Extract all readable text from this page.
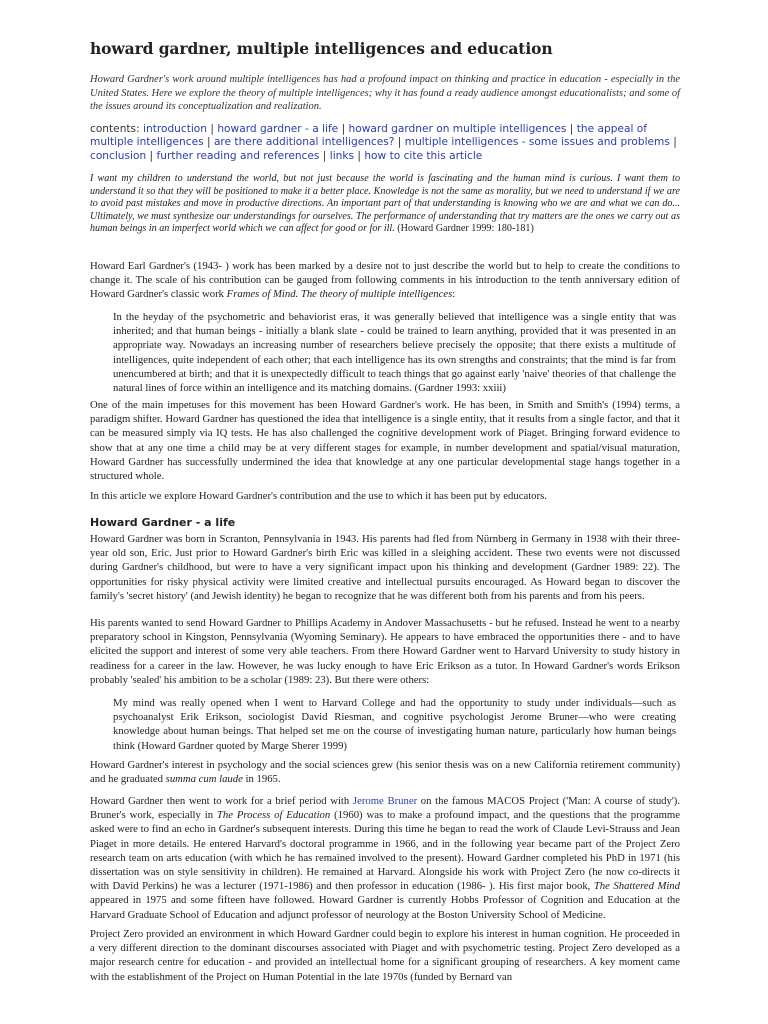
howard gardner, multiple intelligences and education
Howard Gardner's work around multiple intelligences has had a profound impact on thinking and practice in education - especially in the United States. Here we explore the theory of multiple intelligences; why it has found a ready audience amongst educationalists; and some of the issues around its conceptualization and realization.
contents: introduction | howard gardner - a life | howard gardner on multiple intelligences | the appeal of multiple intelligences | are there additional intelligences? | multiple intelligences - some issues and problems | conclusion | further reading and references | links | how to cite this article
I want my children to understand the world, but not just because the world is fascinating and the human mind is curious. I want them to understand it so that they will be positioned to make it a better place. Knowledge is not the same as morality, but we need to understand if we are to avoid past mistakes and move in productive directions. An important part of that understanding is knowing who we are and what we can do... Ultimately, we must synthesize our understandings for ourselves. The performance of understanding that try matters are the ones we carry out as human beings in an imperfect world which we can affect for good or for ill. (Howard Gardner 1999: 180-181)

Howard Earl Gardner's (1943- ) work has been marked by a desire not to just describe the world but to help to create the conditions to change it. The scale of his contribution can be gauged from following comments in his introduction to the tenth anniversary edition of Howard Gardner's classic work Frames of Mind. The theory of multiple intelligences:

In the heyday of the psychometric and behaviorist eras, it was generally believed that intelligence was a single entity that was inherited; and that human beings - initially a blank slate - could be trained to learn anything, provided that it was presented in an appropriate way. Nowadays an increasing number of researchers believe precisely the opposite; that there exists a multitude of intelligences, quite independent of each other; that each intelligence has its own strengths and constraints; that the mind is far from unencumbered at birth; and that it is unexpectedly difficult to teach things that go against early 'naive' theories of that challenge the natural lines of force within an intelligence and its matching domains. (Gardner 1993: xxiii)

One of the main impetuses for this movement has been Howard Gardner's work. He has been, in Smith and Smith's (1994) terms, a paradigm shifter. Howard Gardner has questioned the idea that intelligence is a single entity, that it results from a single factor, and that it can be measured simply via IQ tests. He has also challenged the cognitive development work of Piaget. Bringing forward evidence to show that at any one time a child may be at very different stages for example, in number development and spatial/visual maturation, Howard Gardner has successfully undermined the idea that knowledge at any one particular developmental stage hangs together in a structured whole.

In this article we explore Howard Gardner's contribution and the use to which it has been put by educators.

Howard Gardner - a life

Howard Gardner was born in Scranton, Pennsylvania in 1943. His parents had fled from Nürnberg in Germany in 1938 with their three-year old son, Eric. Just prior to Howard Gardner's birth Eric was killed in a sleighing accident. These two events were not discussed during Gardner's childhood, but were to have a very significant impact upon his thinking and development (Gardner 1989: 22). The opportunities for risky physical activity were limited creative and intellectual pursuits encouraged. As Howard began to discover the family's 'secret history' (and Jewish identity) he began to recognize that he was different both from his parents and from his peers.

His parents wanted to send Howard Gardner to Phillips Academy in Andover Massachusetts - but he refused. Instead he went to a nearby preparatory school in Kingston, Pennsylvania (Wyoming Seminary). He appears to have embraced the opportunities there - and to have elicited the support and interest of some very able teachers. From there Howard Gardner went to Harvard University to study history in readiness for a career in the law. However, he was lucky enough to have Eric Erikson as a tutor. In Howard Gardner's words Erikson probably 'sealed' his ambition to be a scholar (1989: 23). But there were others:

My mind was really opened when I went to Harvard College and had the opportunity to study under individuals—such as psychoanalyst Erik Erikson, sociologist David Riesman, and cognitive psychologist Jerome Bruner—who were creating knowledge about human beings. That helped set me on the course of investigating human nature, particularly how human beings think (Howard Gardner quoted by Marge Sherer 1999)

Howard Gardner's interest in psychology and the social sciences grew (his senior thesis was on a new California retirement community) and he graduated summa cum laude in 1965.

Howard Gardner then went to work for a brief period with Jerome Bruner on the famous MACOS Project ('Man: A course of study'). Bruner's work, especially in The Process of Education (1960) was to make a profound impact, and the questions that the programme asked were to find an echo in Gardner's subsequent interests. During this time he began to read the work of Claude Levi-Strauss and Jean Piaget in more details. He entered Harvard's doctoral programme in 1966, and in the following year became part of the Project Zero research team on arts education (with which he has remained involved to the present). Howard Gardner completed his PhD in 1971 (his dissertation was on style sensitivity in children). He remained at Harvard. Alongside his work with Project Zero (he now co-directs it with David Perkins) he was a lecturer (1971-1986) and then professor in education (1986- ). His first major book, The Shattered Mind appeared in 1975 and some fifteen have followed. Howard Gardner is currently Hobbs Professor of Cognition and Education at the Harvard Graduate School of Education and adjunct professor of neurology at the Boston University School of Medicine.

Project Zero provided an environment in which Howard Gardner could begin to explore his interest in human cognition. He proceeded in a very different direction to the dominant discourses associated with Piaget and with psychometric testing. Project Zero developed as a major research centre for education - and provided an intellectual home for a significant grouping of researchers. A key moment came with the establishment of the Project on Human Potential in the late 1970s (funded by Bernard van
